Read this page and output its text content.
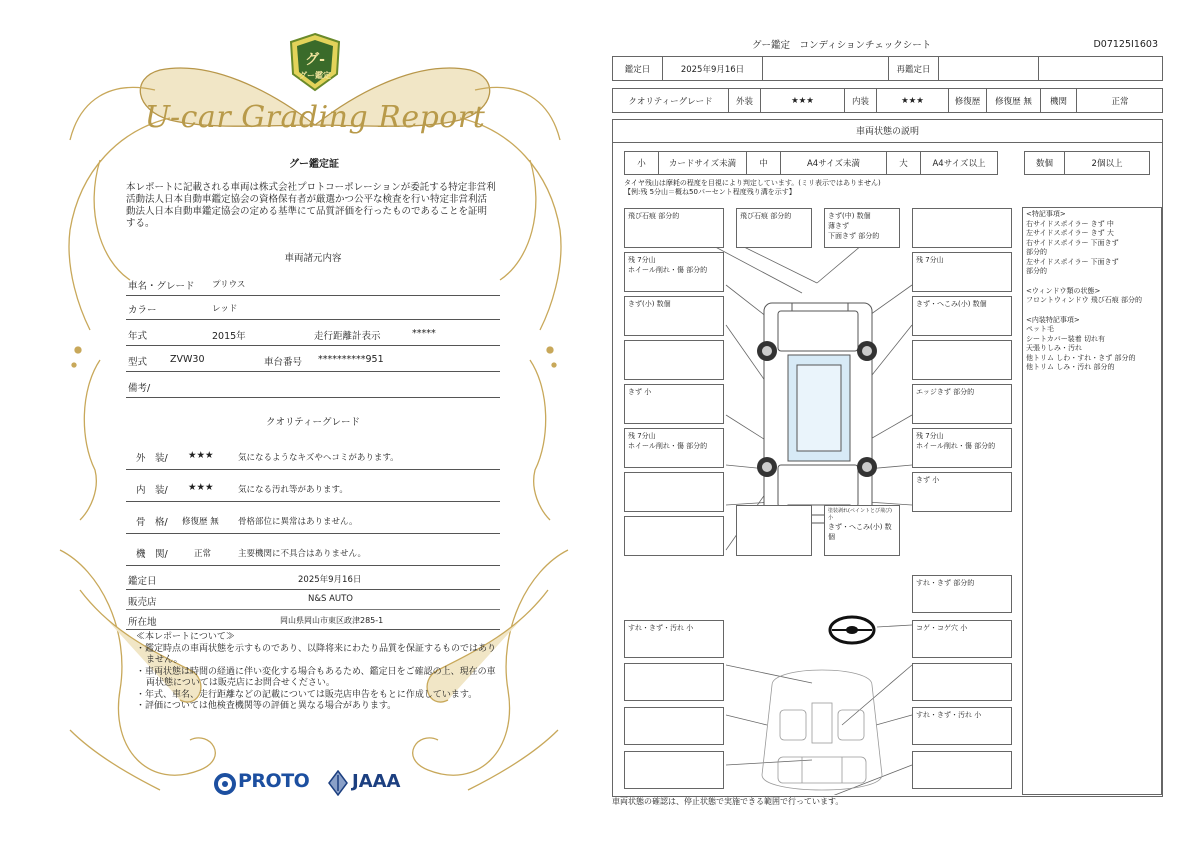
グ-
グー鑑定
U-car Grading Report
グー鑑定証
本レポートに記載される車両は株式会社プロトコーポレーションが委託する特定非営利活動法人日本自動車鑑定協会の資格保有者が厳選かつ公平な検査を行い特定非営利活動法人日本自動車鑑定協会の定める基準にて品質評価を行ったものであることを証明する。
車両諸元内容
車名・グレード プリウス
カラー	レッド
年式	2015年	走行距離計表示	*****
型式 ZVW30	車台番号 **********951
備考/
クオリティーグレード
外　装/ ★★★	気になるようなキズやヘコミがあります。
内　装/ ★★★	気になる汚れ等があります。
骨　格/ 修復歴 無 骨格部位に異常はありません。
機　関/	正常	主要機関に不具合はありません。
鑑定日	2025年9月16日
販売店	N&S AUTO
所在地	岡山県岡山市東区政津285-1
≪本レポートについて≫
・鑑定時点の車両状態を示すものであり、以降将来にわたり品質を保証するものではありません。
・車両状態は時間の経過に伴い変化する場合もあるため、鑑定日をご確認の上、現在の車両状態については販売店にお問合せください。
・年式、車名、走行距離などの記載については販売店申告をもとに作成しています。
・評価については他検査機関等の評価と異なる場合があります。
PROTO JAAA
グー鑑定　コンディションチェックシート	D07125I1603
鑑定日	2025年9月16日	再鑑定日
クオリティーグレード	外装	★★★	内装	★★★	修復歴	修復歴 無	機関	正常
車両状態の説明
小	カードサイズ未満	中	A4サイズ未満	大	A4サイズ以上	数個	2個以上
タイヤ残山は摩耗の程度を目視により判定しています。(ミリ表示ではありません)
【例:残 5分山＝概ね50パーセント程度残り溝を示す】
飛び石痕 部分的	飛び石痕 部分的	きず(中) 数個
薄きず
下面きず 部分的
残 7分山
ホイール削れ・傷 部分的
残 7分山
きず(小) 数個	きず・へこみ(小) 数個
きず 小	エッジきず 部分的
残 7分山
ホイール削れ・傷 部分的
残 7分山
ホイール削れ・傷 部分的
きず 小
塗装剥れ(ペイントとび飛び)小
きず・へこみ(小) 数個
すれ・きず 部分的
すれ・きず・汚れ 小	コゲ・コゲ穴 小
すれ・きず・汚れ 小
<特記事項>
右サイドスポイラー きず 中
左サイドスポイラー きず 大
右サイドスポイラー 下面きず
部分的
左サイドスポイラー 下面きず
部分的
<ウィンドウ類の状態>
フロントウィンドウ 飛び石痕 部分的
<内装特記事項>
ペット毛
シートカバー装着 切れ有
天張りしみ・汚れ
他トリム しわ・すれ・きず 部分的
他トリム しみ・汚れ 部分的
車両状態の確認は、停止状態で実施できる範囲で行っています。
